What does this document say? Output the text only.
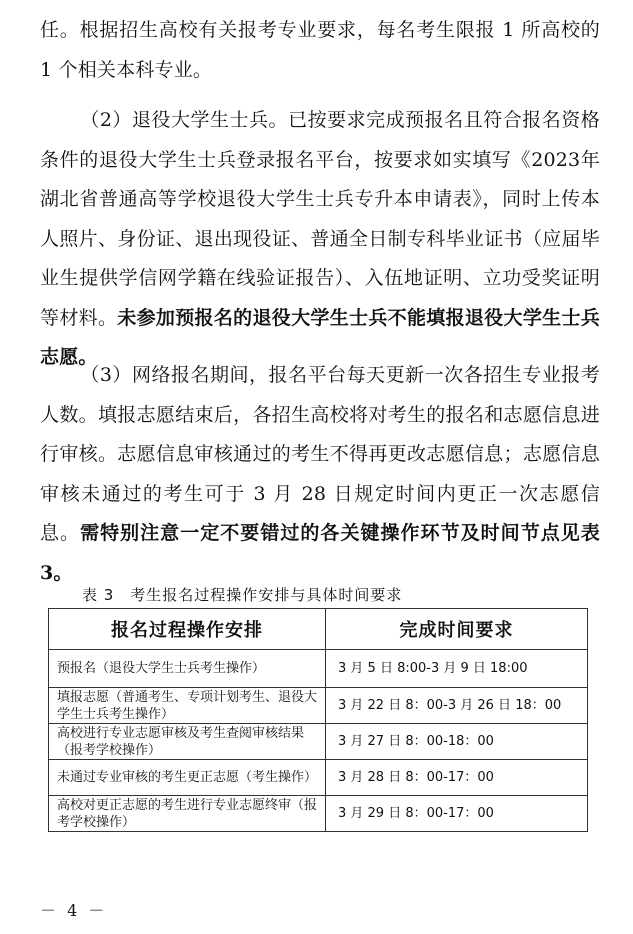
任。根据招生高校有关报考专业要求，每名考生限报 1 所高校的 1 个相关本科专业。

（2）退役大学生士兵。已按要求完成预报名且符合报名资格条件的退役大学生士兵登录报名平台，按要求如实填写《2023年湖北省普通高等学校退役大学生士兵专升本申请表》，同时上传本人照片、身份证、退出现役证、普通全日制专科毕业证书（应届毕业生提供学信网学籍在线验证报告）、入伍地证明、立功受奖证明等材料。未参加预报名的退役大学生士兵不能填报退役大学生士兵志愿。

（3）网络报名期间，报名平台每天更新一次各招生专业报考人数。填报志愿结束后，各招生高校将对考生的报名和志愿信息进行审核。志愿信息审核通过的考生不得再更改志愿信息；志愿信息审核未通过的考生可于 3 月 28 日规定时间内更正一次志愿信息。需特别注意一定不要错过的各关键操作环节及时间节点见表 3。

表 3　考生报名过程操作安排与具体时间要求
报名过程操作安排	完成时间要求
预报名（退役大学生士兵考生操作）	3 月 5 日 8:00-3 月 9 日 18:00
填报志愿（普通考生、专项计划考生、退役大学生士兵考生操作）	3 月 22 日 8：00-3 月 26 日 18：00
高校进行专业志愿审核及考生查阅审核结果（报考学校操作）	3 月 27 日 8：00-18：00
未通过专业审核的考生更正志愿（考生操作）	3 月 28 日 8：00-17：00
高校对更正志愿的考生进行专业志愿终审（报考学校操作）	3 月 29 日 8：00-17：00
－ 4 －
